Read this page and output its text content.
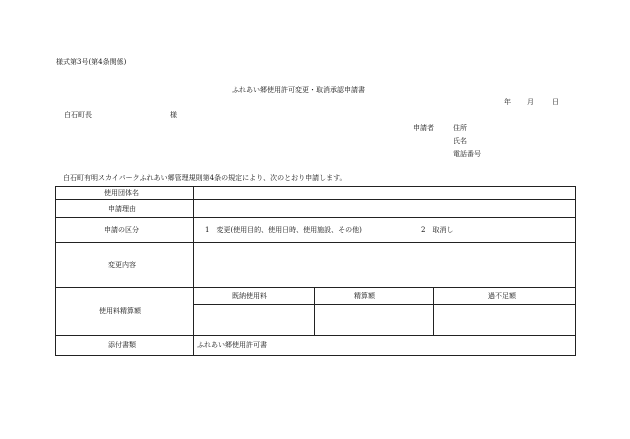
様式第3号(第4条関係)
ふれあい郷使用許可変更・取消承認申請書
年 月	日
白石町長	様
申請者	住所
氏名
電話番号
白石町有明スカイパークふれあい郷管理規則第4条の規定により、次のとおり申請します。
使用団体名
申請理由
申請の区分	1　変更(使用目的、使用日時、使用施設、その他)	2　取消し
変更内容
使用料精算額
既納使用料	精算額	過不足額
添付書類	ふれあい郷使用許可書
